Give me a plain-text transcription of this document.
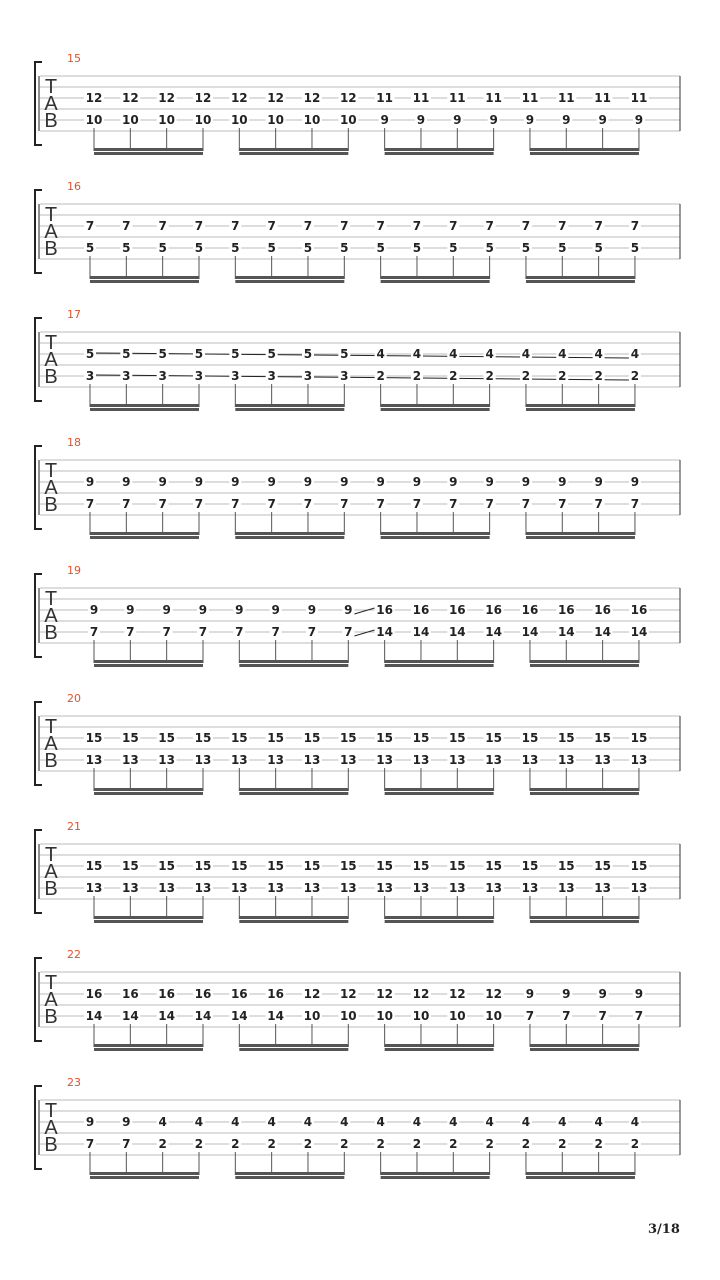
15
T
A
B
12
10
12
10
12
10
12
10
12
10
12
10
12
10
12
10
11
9
11
9
11
9
11
9
11
9
11
9
11
9
11
9
16
T
A
B
7
5
7
5
7
5
7
5
7
5
7
5
7
5
7
5
7
5
7
5
7
5
7
5
7
5
7
5
7
5
7
5
17
T
A
B
5
3
5
3
5
3
5
3
5
3
5
3
5
3
5
3
4
2
4
2
4
2
4
2
4
2
4
2
4
2
4
2
18
T
A
B
9
7
9
7
9
7
9
7
9
7
9
7
9
7
9
7
9
7
9
7
9
7
9
7
9
7
9
7
9
7
9
7
19
T
A
B
9
7
9
7
9
7
9
7
9
7
9
7
9
7
9
7
16
14
16
14
16
14
16
14
16
14
16
14
16
14
16
14
20
T
A
B
15
13
15
13
15
13
15
13
15
13
15
13
15
13
15
13
15
13
15
13
15
13
15
13
15
13
15
13
15
13
15
13
21
T
A
B
15
13
15
13
15
13
15
13
15
13
15
13
15
13
15
13
15
13
15
13
15
13
15
13
15
13
15
13
15
13
15
13
22
T
A
B
16
14
16
14
16
14
16
14
16
14
16
14
12
10
12
10
12
10
12
10
12
10
12
10
9
7
9
7
9
7
9
7
23
T
A
B
9
7
9
7
4
2
4
2
4
2
4
2
4
2
4
2
4
2
4
2
4
2
4
2
4
2
4
2
4
2
4
2
3/18
